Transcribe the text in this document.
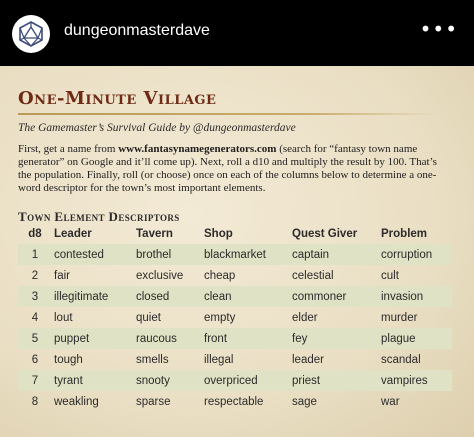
dungeonmasterdave	•••
One-Minute Village
The Gamemaster’s Survival Guide by @dungeonmasterdave
First, get a name from www.fantasynamegenerators.com (search for “fantasy town name generator” on Google and it’ll come up). Next, roll a d10 and multiply the result by 100. That’s the population. Finally, roll (or choose) once on each of the columns below to determine a one-word descriptor for the town’s most important elements.
Town Element Descriptors
d8	Leader	Tavern	Shop	Quest Giver	Problem
1	contested	brothel	blackmarket	captain	corruption
2	fair	exclusive	cheap	celestial	cult
3	illegitimate	closed	clean	commoner	invasion
4	lout	quiet	empty	elder	murder
5	puppet	raucous	front	fey	plague
6	tough	smells	illegal	leader	scandal
7	tyrant	snooty	overpriced	priest	vampires
8	weakling	sparse	respectable	sage	war
